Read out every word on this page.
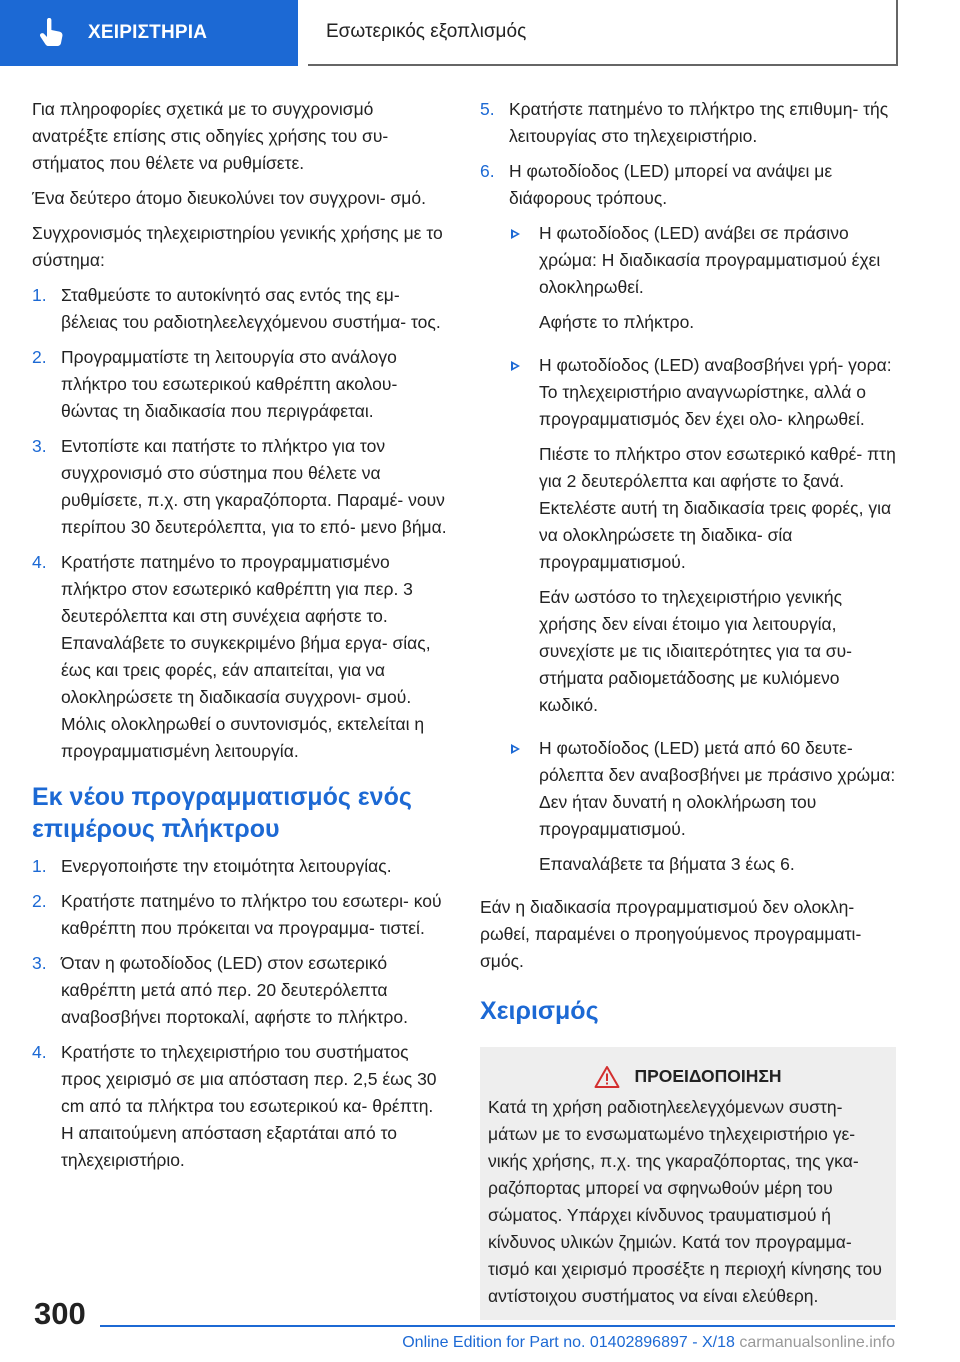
ΧΕΙΡΙΣΤΗΡΙΑ	Εσωτερικός εξοπλισμός

Για πληροφορίες σχετικά με το συγχρονισμό ανατρέξτε επίσης στις οδηγίες χρήσης του συ- στήματος που θέλετε να ρυθμίσετε.

Ένα δεύτερο άτομο διευκολύνει τον συγχρονι- σμό.

Συγχρονισμός τηλεχειριστηρίου γενικής χρήσης με το σύστημα:

1. Σταθμεύστε το αυτοκίνητό σας εντός της εμ- βέλειας του ραδιοτηλεελεγχόμενου συστήμα- τος.
2. Προγραμματίστε τη λειτουργία στο ανάλογο πλήκτρο του εσωτερικού καθρέπτη ακολου- θώντας τη διαδικασία που περιγράφεται.
3. Εντοπίστε και πατήστε το πλήκτρο για τον συγχρονισμό στο σύστημα που θέλετε να ρυθμίσετε, π.χ. στη γκαραζόπορτα. Παραμέ- νουν περίπου 30 δευτερόλεπτα, για το επό- μενο βήμα.
4. Κρατήστε πατημένο το προγραμματισμένο πλήκτρο στον εσωτερικό καθρέπτη για περ. 3 δευτερόλεπτα και στη συνέχεια αφήστε το. Επαναλάβετε το συγκεκριμένο βήμα εργα- σίας, έως και τρεις φορές, εάν απαιτείται, για να ολοκληρώσετε τη διαδικασία συγχρονι- σμού. Μόλις ολοκληρωθεί ο συντονισμός, εκτελείται η προγραμματισμένη λειτουργία.
Εκ νέου προγραμματισμός ενός επιμέρους πλήκτρου
1. Ενεργοποιήστε την ετοιμότητα λειτουργίας.
2. Κρατήστε πατημένο το πλήκτρο του εσωτερι- κού καθρέπτη που πρόκειται να προγραμμα- τιστεί.
3. Όταν η φωτοδίοδος (LED) στον εσωτερικό καθρέπτη μετά από περ. 20 δευτερόλεπτα αναβοσβήνει πορτοκαλί, αφήστε το πλήκτρο.
4. Κρατήστε το τηλεχειριστήριο του συστήματος προς χειρισμό σε μια απόσταση περ. 2,5 έως 30 cm από τα πλήκτρα του εσωτερικού κα- θρέπτη. Η απαιτούμενη απόσταση εξαρτάται από το τηλεχειριστήριο.
5. Κρατήστε πατημένο το πλήκτρο της επιθυμη- τής λειτουργίας στο τηλεχειριστήριο.
6. Η φωτοδίοδος (LED) μπορεί να ανάψει με διάφορους τρόπους.

Η φωτοδίοδος (LED) ανάβει σε πράσινο χρώμα: Η διαδικασία προγραμματισμού έχει ολοκληρωθεί.

Αφήστε το πλήκτρο.

Η φωτοδίοδος (LED) αναβοσβήνει γρή- γορα: Το τηλεχειριστήριο αναγνωρίστηκε, αλλά ο προγραμματισμός δεν έχει ολο- κληρωθεί.

Πιέστε το πλήκτρο στον εσωτερικό καθρέ- πτη για 2 δευτερόλεπτα και αφήστε το ξανά. Εκτελέστε αυτή τη διαδικασία τρεις φορές, για να ολοκληρώσετε τη διαδικα- σία προγραμματισμού.

Εάν ωστόσο το τηλεχειριστήριο γενικής χρήσης δεν είναι έτοιμο για λειτουργία, συνεχίστε με τις ιδιαιτερότητες για τα συ- στήματα ραδιομετάδοσης με κυλιόμενο κωδικό.

Η φωτοδίοδος (LED) μετά από 60 δευτε- ρόλεπτα δεν αναβοσβήνει με πράσινο χρώμα: Δεν ήταν δυνατή η ολοκλήρωση του προγραμματισμού.

Επαναλάβετε τα βήματα 3 έως 6.

Εάν η διαδικασία προγραμματισμού δεν ολοκλη- ρωθεί, παραμένει ο προηγούμενος προγραμματι- σμός.

Χειρισμός
ΠΡΟΕΙΔΟΠΟΙΗΣΗ

Κατά τη χρήση ραδιοτηλεελεγχόμενων συστη- μάτων με το ενσωματωμένο τηλεχειριστήριο γε- νικής χρήσης, π.χ. της γκαραζόπορτας, της γκα- ραζόπορτας μπορεί να σφηνωθούν μέρη του σώματος. Υπάρχει κίνδυνος τραυματισμού ή κίνδυνος υλικών ζημιών. Κατά τον προγραμμα- τισμό και χειρισμό προσέξτε η περιοχή κίνησης του αντίστοιχου συστήματος να είναι ελεύθερη.

300
Online Edition for Part no. 01402896897 - X/18 carmanualsonline.info
